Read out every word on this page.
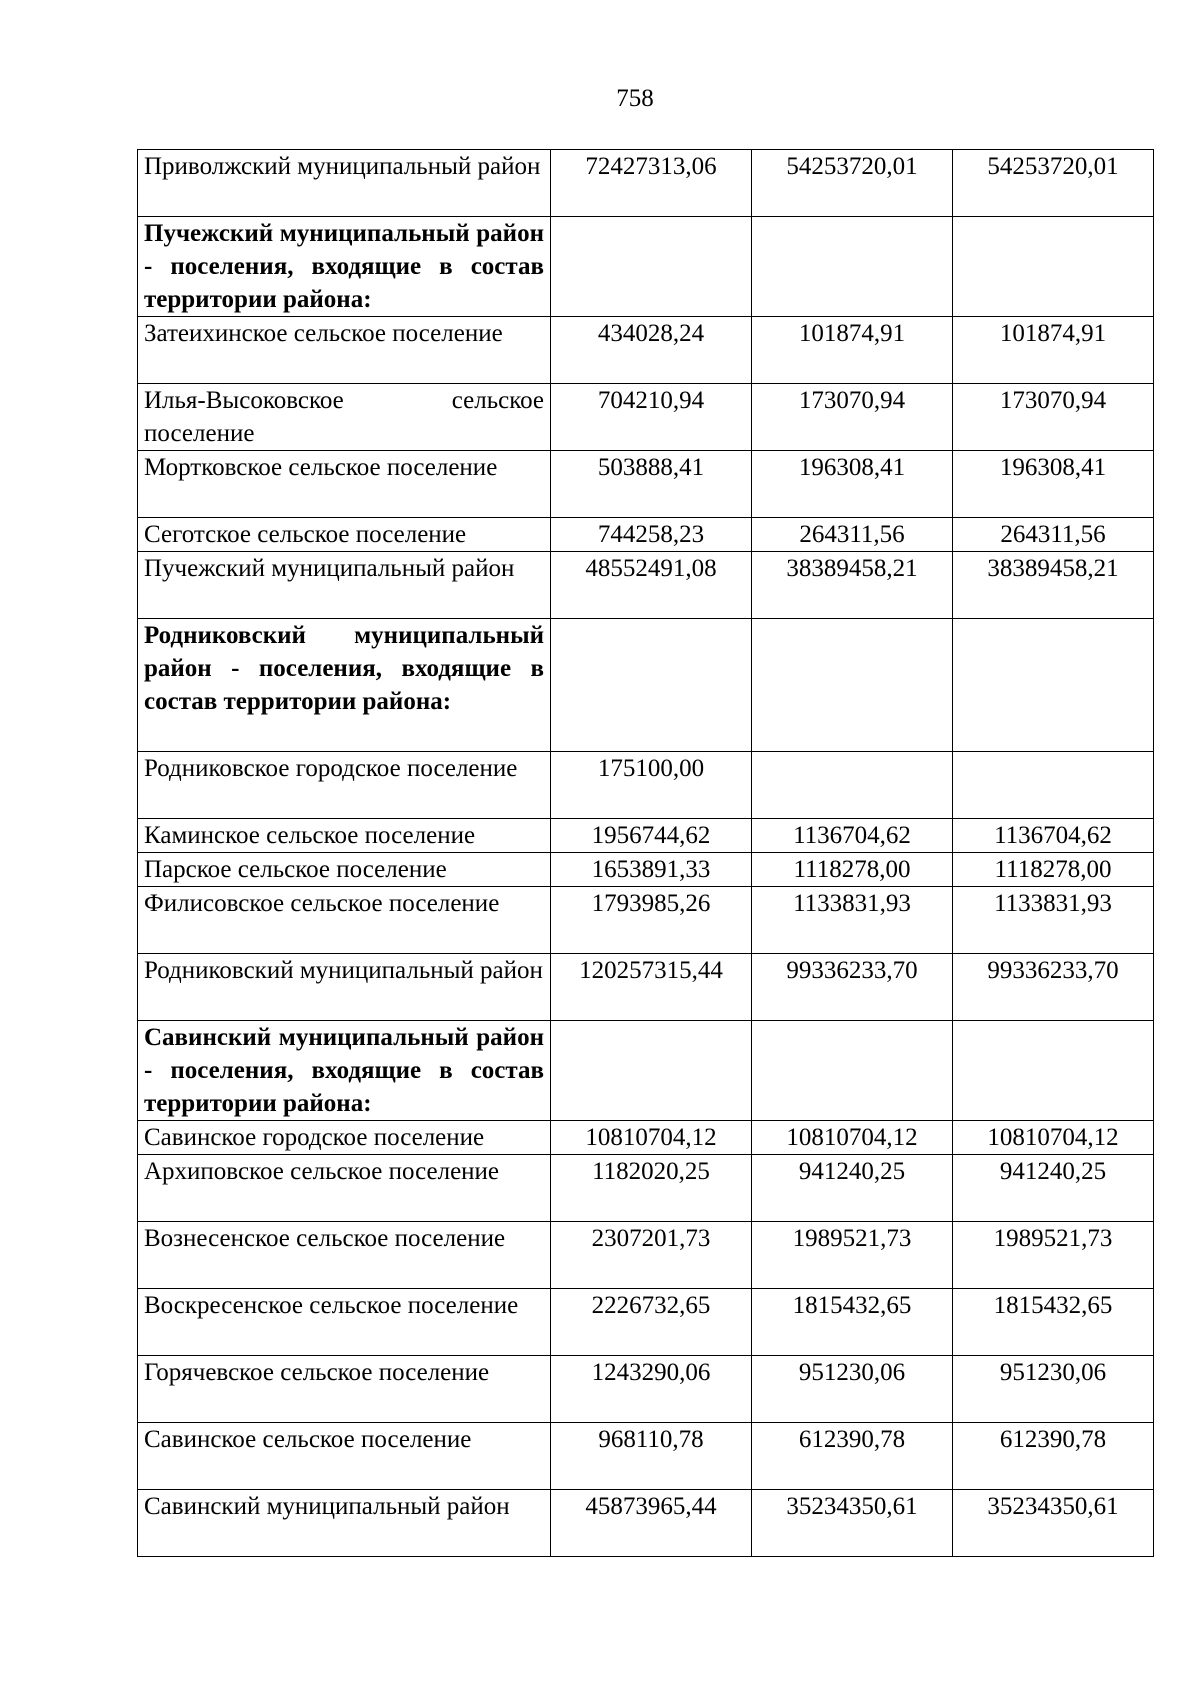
758
Приволжский муниципальный район	72427313,06	54253720,01	54253720,01
Пучежский муниципальный район - поселения, входящие в состав территории района:			
Затеихинское сельское поселение	434028,24	101874,91	101874,91
Илья-Высоковское сельское поселение	704210,94	173070,94	173070,94
Мортковское сельское поселение	503888,41	196308,41	196308,41
Сеготское сельское поселение	744258,23	264311,56	264311,56
Пучежский муниципальный район	48552491,08	38389458,21	38389458,21
Родниковский муниципальный район - поселения, входящие в состав территории района:			
Родниковское городское поселение	175100,00		
Каминское сельское поселение	1956744,62	1136704,62	1136704,62
Парское сельское поселение	1653891,33	1118278,00	1118278,00
Филисовское сельское поселение	1793985,26	1133831,93	1133831,93
Родниковский муниципальный район	120257315,44	99336233,70	99336233,70
Савинский муниципальный район - поселения, входящие в состав территории района:			
Савинское городское поселение	10810704,12	10810704,12	10810704,12
Архиповское сельское поселение	1182020,25	941240,25	941240,25
Вознесенское сельское поселение	2307201,73	1989521,73	1989521,73
Воскресенское сельское поселение	2226732,65	1815432,65	1815432,65
Горячевское сельское поселение	1243290,06	951230,06	951230,06
Савинское сельское поселение	968110,78	612390,78	612390,78
Савинский муниципальный район	45873965,44	35234350,61	35234350,61
